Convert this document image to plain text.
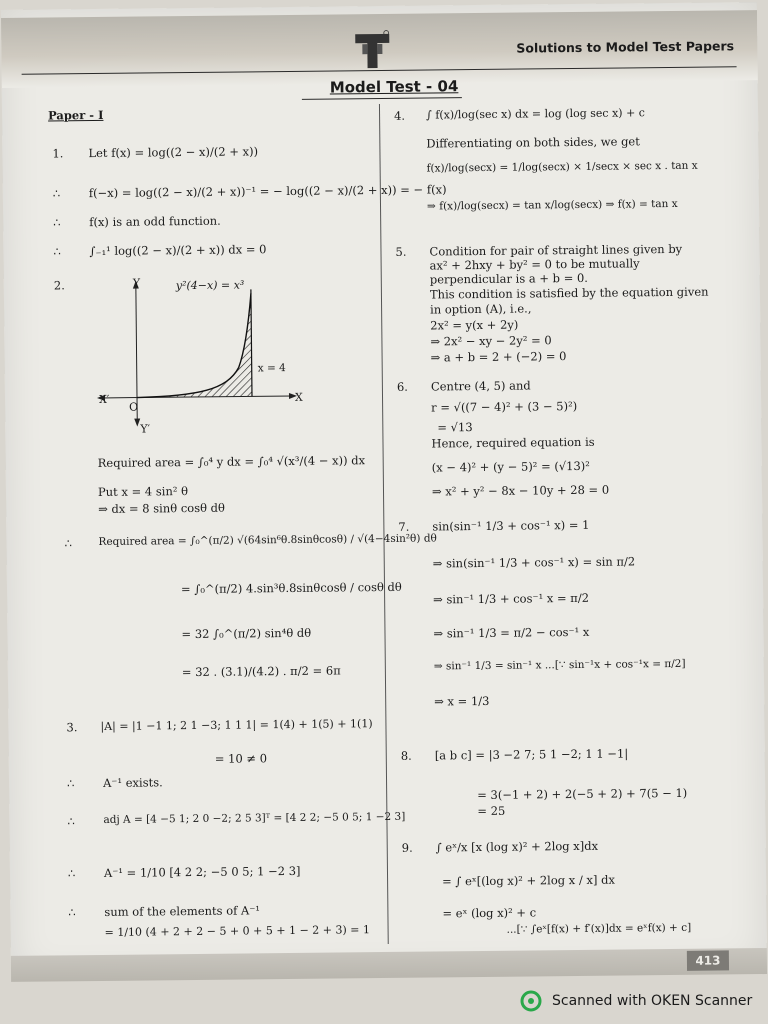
Solutions to Model Test Papers
Model Test - 04
Paper - I
1. Let f(x) = log((2 − x)/(2 + x))
∴ f(−x) = log((2 − x)/(2 + x))⁻¹ = − log((2 − x)/(2 + x)) = − f(x)
∴ f(x) is an odd function.
∴ ∫₋₁¹ log((2 − x)/(2 + x)) dx = 0
2.	Y	y²(4−x) = x³
x = 4
X′	X
O
Y′
Required area = ∫₀⁴ y dx = ∫₀⁴ √(x³/(4 − x)) dx
Put x = 4 sin² θ
⇒ dx = 8 sinθ cosθ dθ
∴	Required area = ∫₀^(π/2) √(64sin⁶θ.8sinθcosθ) / √(4−4sin²θ) dθ
= ∫₀^(π/2) 4.sin³θ.8sinθcosθ / cosθ dθ
= 32 ∫₀^(π/2) sin⁴θ dθ
= 32 . (3.1)/(4.2) . π/2 = 6π
3. |A| = |1 −1 1; 2 1 −3; 1 1 1| = 1(4) + 1(5) + 1(1)
= 10 ≠ 0
∴ A⁻¹ exists.
∴	adj A = [4 −5 1; 2 0 −2; 2 5 3]ᵀ = [4 2 2; −5 0 5; 1 −2 3]
∴ A⁻¹ = 1/10 [4 2 2; −5 0 5; 1 −2 3]
∴ sum of the elements of A⁻¹
= 1/10 (4 + 2 + 2 − 5 + 0 + 5 + 1 − 2 + 3) = 1
4. ∫ f(x)/log(sec x) dx = log (log sec x) + c
Differentiating on both sides, we get
f(x)/log(secx) = 1/log(secx) × 1/secx × sec x . tan x
⇒ f(x)/log(secx) = tan x/log(secx) ⇒ f(x) = tan x
5. Condition for pair of straight lines given by
ax² + 2hxy + by² = 0 to be mutually
perpendicular is a + b = 0.
This condition is satisfied by the equation given
in option (A), i.e.,
2x² = y(x + 2y)
⇒ 2x² − xy − 2y² = 0
⇒ a + b = 2 + (−2) = 0
6. Centre (4, 5) and
r = √((7 − 4)² + (3 − 5)²)
= √13
Hence, required equation is
(x − 4)² + (y − 5)² = (√13)²
⇒ x² + y² − 8x − 10y + 28 = 0
7. sin(sin⁻¹ 1/3 + cos⁻¹ x) = 1
⇒ sin(sin⁻¹ 1/3 + cos⁻¹ x) = sin π/2
⇒ sin⁻¹ 1/3 + cos⁻¹ x = π/2
⇒ sin⁻¹ 1/3 = π/2 − cos⁻¹ x
⇒ sin⁻¹ 1/3 = sin⁻¹ x ...[∵ sin⁻¹x + cos⁻¹x = π/2]
⇒ x = 1/3
8. [a b c] = |3 −2 7; 5 1 −2; 1 1 −1|
= 3(−1 + 2) + 2(−5 + 2) + 7(5 − 1)
= 25
9. ∫ eˣ/x [x (log x)² + 2log x]dx
= ∫ eˣ[(log x)² + 2log x / x] dx
= eˣ (log x)² + c
...[∵ ∫eˣ[f(x) + f′(x)]dx = eˣf(x) + c]
413
Scanned with OKEN Scanner
